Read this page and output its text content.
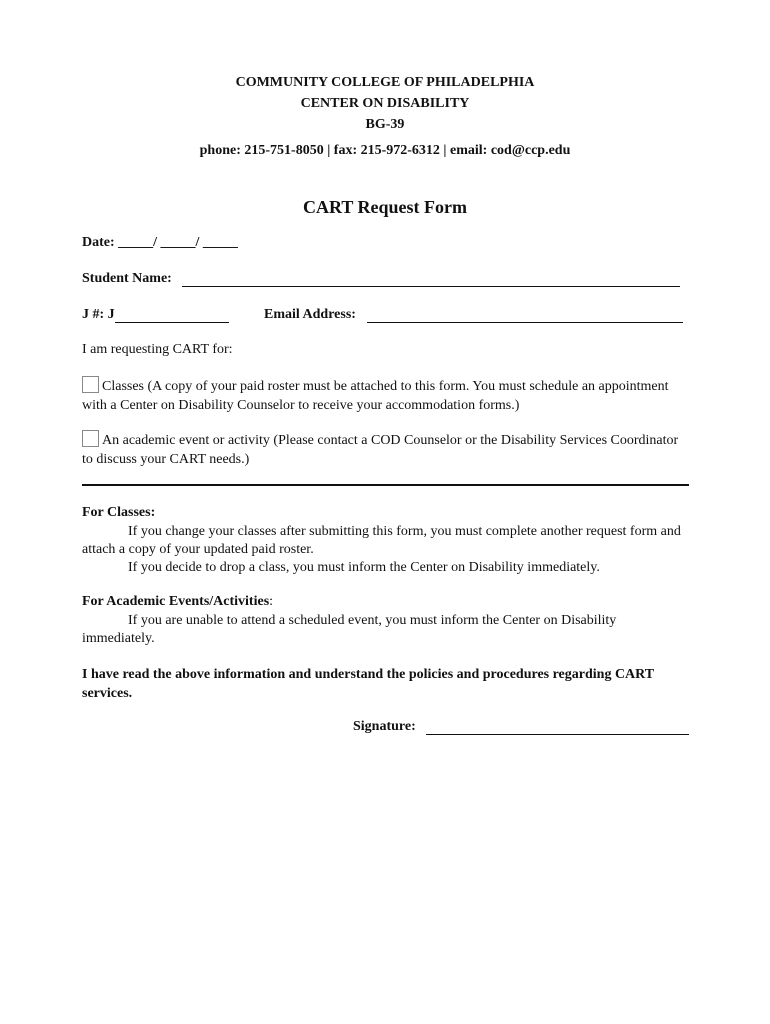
COMMUNITY COLLEGE OF PHILADELPHIA
CENTER ON DISABILITY
BG-39
phone: 215-751-8050 | fax: 215-972-6312 | email: cod@ccp.edu
CART Request Form
Date: _____/ _____/ _____
Student Name:
J #: J	Email Address:
I am requesting CART for:
Classes (A copy of your paid roster must be attached to this form. You must schedule an appointment with a Center on Disability Counselor to receive your accommodation forms.)
An academic event or activity (Please contact a COD Counselor or the Disability Services Coordinator to discuss your CART needs.)
For Classes:
If you change your classes after submitting this form, you must complete another request form and attach a copy of your updated paid roster.
If you decide to drop a class, you must inform the Center on Disability immediately.
For Academic Events/Activities:
If you are unable to attend a scheduled event, you must inform the Center on Disability immediately.
I have read the above information and understand the policies and procedures regarding CART services.
Signature:
